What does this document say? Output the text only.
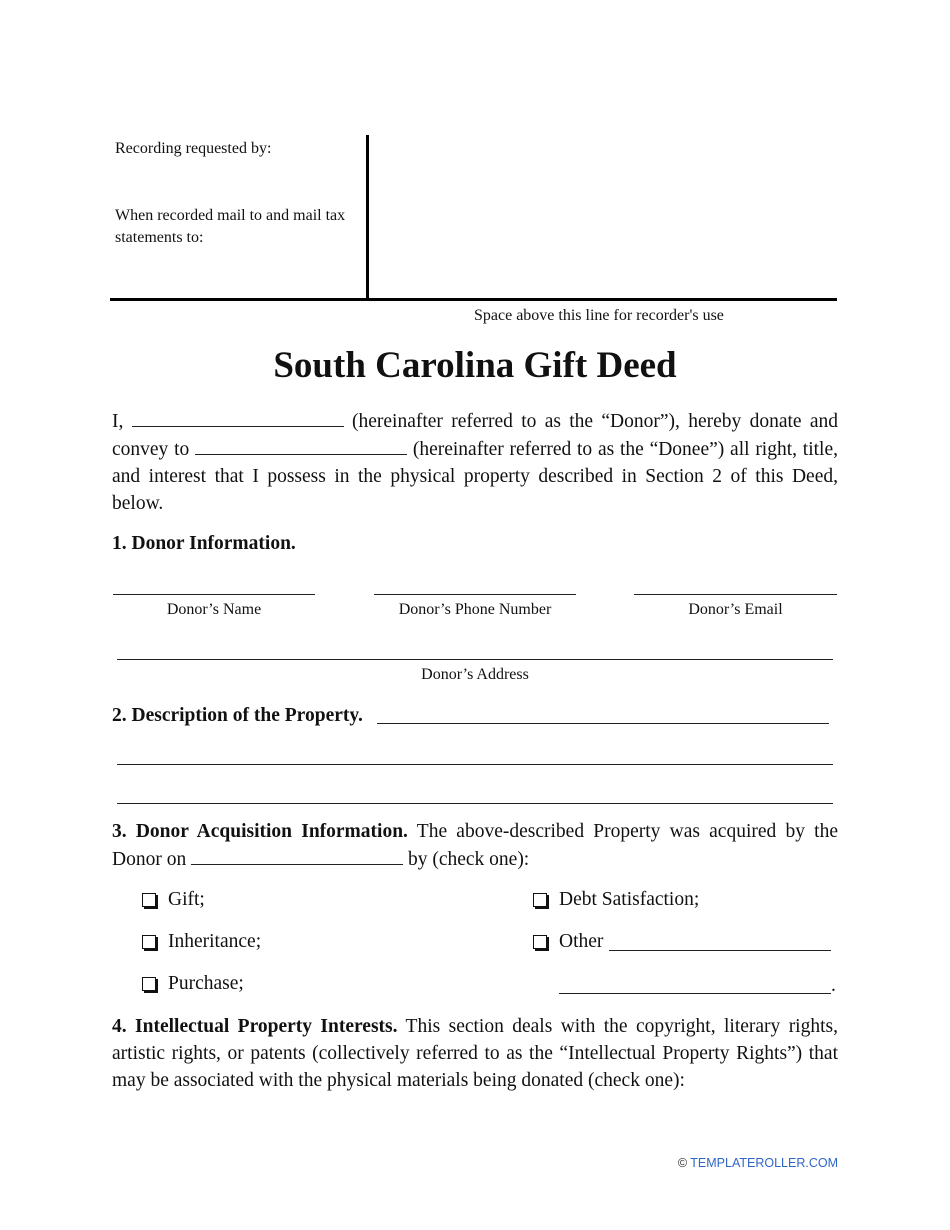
Recording requested by:
When recorded mail to and mail tax statements to:
Space above this line for recorder's use
South Carolina Gift Deed
I,	(hereinafter referred to as the “Donor”), hereby donate and convey to	(hereinafter referred to as the “Donee”) all right, title, and interest that I possess in the physical property described in Section 2 of this Deed, below.
1. Donor Information.
Donor’s Name	Donor’s Phone Number	Donor’s Email
Donor’s Address
2. Description of the Property.
3. Donor Acquisition Information. The above-described Property was acquired by the Donor on	by (check one):
Gift;
Inheritance;
Purchase;
Debt Satisfaction;
Other
.
4. Intellectual Property Interests. This section deals with the copyright, literary rights, artistic rights, or patents (collectively referred to as the “Intellectual Property Rights”) that may be associated with the physical materials being donated (check one):
© TEMPLATEROLLER.COM
